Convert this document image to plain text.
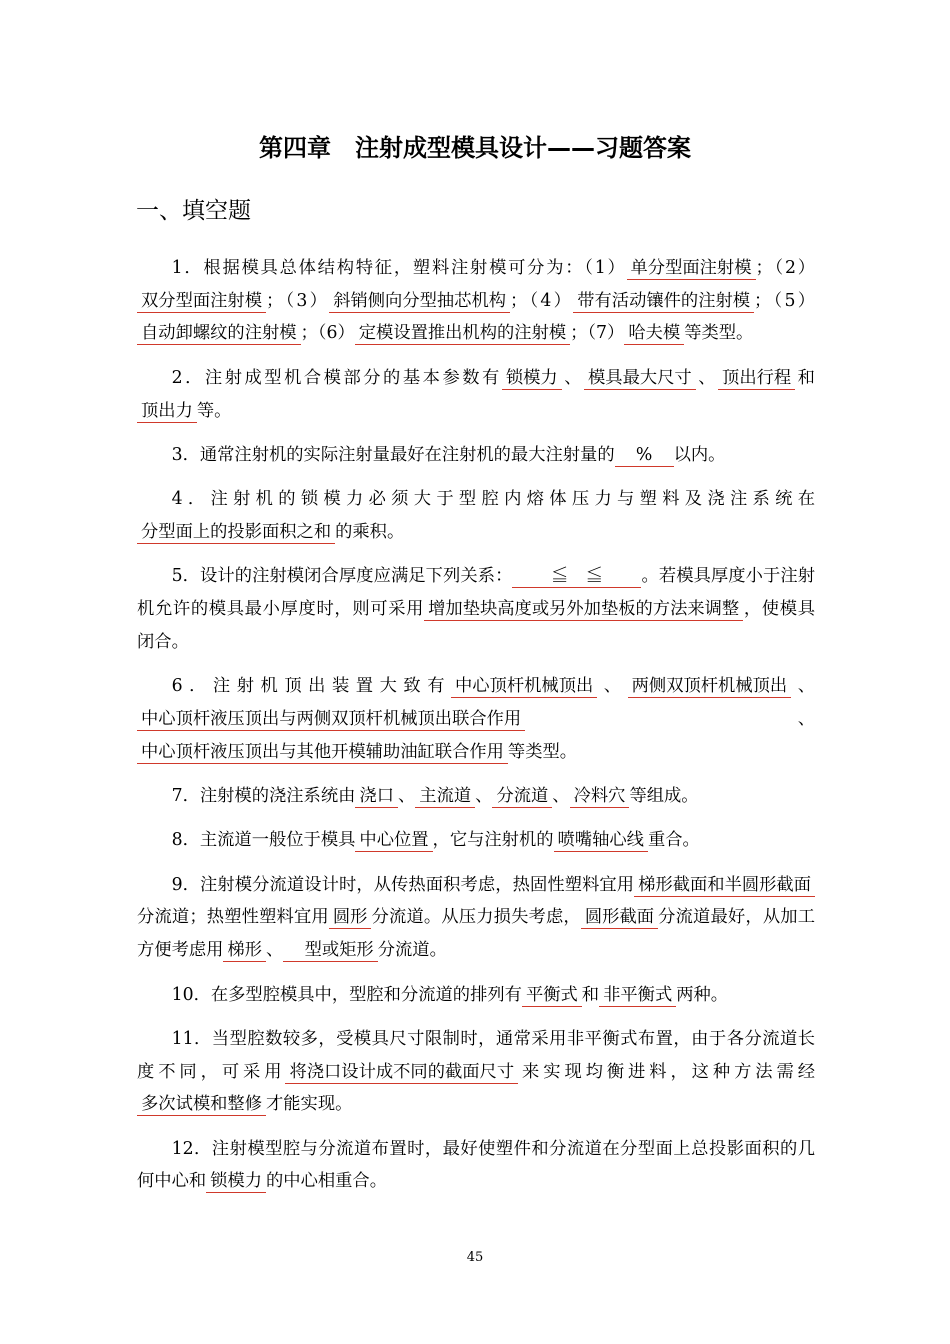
第四章　注射成型模具设计——习题答案
一、填空题

1．根据模具总体结构特征，塑料注射模可分为：（1） 单分型面注射模 ；（2）双分型面注射模 ；（3） 斜销侧向分型抽芯机构 ；（4） 带有活动镶件的注射模 ；（5）自动卸螺纹的注射模 ；（6） 定模设置推出机构的注射模 ；（7） 哈夫模 等类型。

2．注射成型机合模部分的基本参数有 锁模力 、 模具最大尺寸 、 顶出行程 和顶出力 等。

3．通常注射机的实际注射量最好在注射机的最大注射量的　%　以内。

4．注射机的锁模力必须大于型腔内熔体压力与塑料及浇注系统在分型面上的投影面积之和 的乘积。

5．设计的注射模闭合厚度应满足下列关系：　　≦　≦　　。若模具厚度小于注射机允许的模具最小厚度时，则可采用 增加垫块高度或另外加垫板的方法来调整 ，使模具闭合。

6．注射机顶出装置大致有 中心顶杆机械顶出 、 两侧双顶杆机械顶出 、中心顶杆液压顶出与两侧双顶杆机械顶出联合作用 、中心顶杆液压顶出与其他开模辅助油缸联合作用 等类型。

7．注射模的浇注系统由 浇口 、 主流道 、 分流道 、 冷料穴 等组成。

8．主流道一般位于模具 中心位置 ，它与注射机的 喷嘴轴心线 重合。

9．注射模分流道设计时，从传热面积考虑，热固性塑料宜用 梯形截面和半圆形截面分流道；热塑性塑料宜用 圆形 分流道。从压力损失考虑， 圆形截面 分流道最好，从加工方便考虑用 梯形 、　型或矩形 分流道。

10．在多型腔模具中，型腔和分流道的排列有 平衡式 和 非平衡式 两种。

11．当型腔数较多，受模具尺寸限制时，通常采用非平衡式布置，由于各分流道长度不同，可采用 将浇口设计成不同的截面尺寸 来实现均衡进料，这种方法需经多次试模和整修 才能实现。

12．注射模型腔与分流道布置时，最好使塑件和分流道在分型面上总投影面积的几何中心和 锁模力 的中心相重合。

45
